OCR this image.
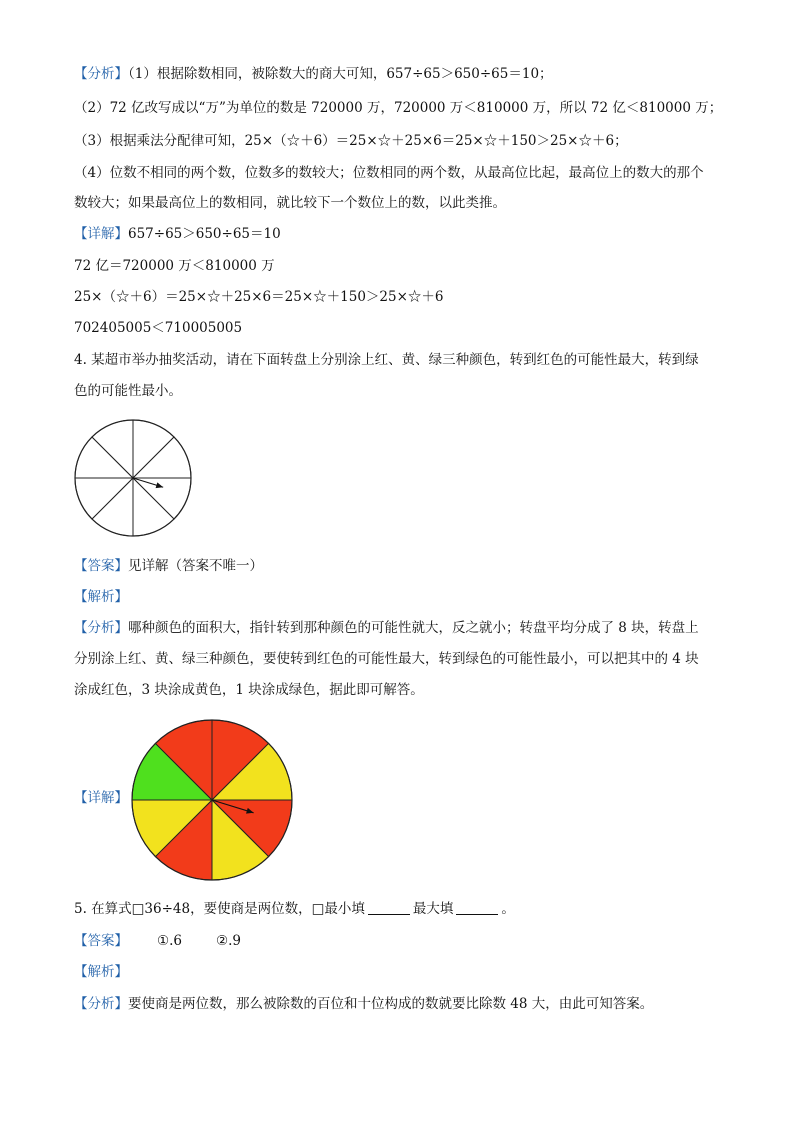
【分析】（1）根据除数相同，被除数大的商大可知，657÷65＞650÷65＝10；
（2）72 亿改写成以“万”为单位的数是 720000 万，720000 万＜810000 万，所以 72 亿＜810000 万；
（3）根据乘法分配律可知，25×（☆＋6）＝25×☆＋25×6＝25×☆＋150＞25×☆＋6；
（4）位数不相同的两个数，位数多的数较大；位数相同的两个数，从最高位比起，最高位上的数大的那个
数较大；如果最高位上的数相同，就比较下一个数位上的数，以此类推。
【详解】657÷65＞650÷65＝10
72 亿＝720000 万＜810000 万
25×（☆＋6）＝25×☆＋25×6＝25×☆＋150＞25×☆＋6
702405005＜710005005
4. 某超市举办抽奖活动，请在下面转盘上分别涂上红、黄、绿三种颜色，转到红色的可能性最大，转到绿
色的可能性最小。
【答案】见详解（答案不唯一）
【解析】
【分析】哪种颜色的面积大，指针转到那种颜色的可能性就大，反之就小；转盘平均分成了 8 块，转盘上
分别涂上红、黄、绿三种颜色，要使转到红色的可能性最大，转到绿色的可能性最小，可以把其中的 4 块
涂成红色，3 块涂成黄色，1 块涂成绿色，据此即可解答。
【详解】
5. 在算式□36÷48，要使商是两位数，□最小填	最大填	。
【答案】 ①.6	②.9
【解析】
【分析】要使商是两位数，那么被除数的百位和十位构成的数就要比除数 48 大，由此可知答案。
